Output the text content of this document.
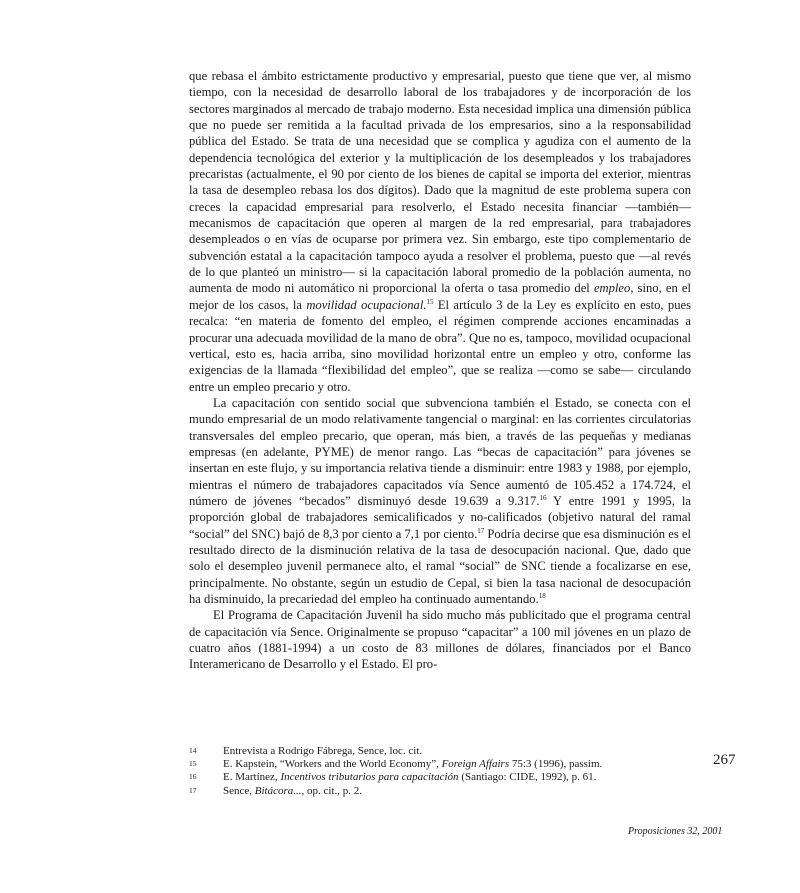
que rebasa el ámbito estrictamente productivo y empresarial, puesto que tiene que ver, al mismo tiempo, con la necesidad de desarrollo laboral de los trabajadores y de incorporación de los sectores marginados al mercado de trabajo moderno. Esta necesidad implica una dimensión pública que no puede ser remitida a la facultad privada de los empresarios, sino a la responsabilidad pública del Estado. Se trata de una necesidad que se complica y agudiza con el aumento de la dependencia tecnológica del exterior y la multiplicación de los desempleados y los trabajadores precaristas (actualmente, el 90 por ciento de los bienes de capital se importa del exterior, mientras la tasa de desempleo rebasa los dos dígitos). Dado que la magnitud de este problema supera con creces la capacidad empresarial para resolverlo, el Estado necesita financiar —también— mecanismos de capacitación que operen al margen de la red empresarial, para trabajadores desempleados o en vías de ocuparse por primera vez. Sin embargo, este tipo complementario de subvención estatal a la capacitación tampoco ayuda a resolver el problema, puesto que —al revés de lo que planteó un ministro— si la capacitación laboral promedio de la población aumenta, no aumenta de modo ni automático ni proporcional la oferta o tasa promedio del empleo, sino, en el mejor de los casos, la movilidad ocupacional.$^{15}$ El artículo 3 de la Ley es explícito en esto, pues recalca: “en materia de fomento del empleo, el régimen comprende acciones encaminadas a procurar una adecuada movilidad de la mano de obra”. Que no es, tampoco, movilidad ocupacional vertical, esto es, hacia arriba, sino movilidad horizontal entre un empleo y otro, conforme las exigencias de la llamada “flexibilidad del empleo”, que se realiza —como se sabe— circulando entre un empleo precario y otro.

La capacitación con sentido social que subvenciona también el Estado, se conecta con el mundo empresarial de un modo relativamente tangencial o marginal: en las corrientes circulatorias transversales del empleo precario, que operan, más bien, a través de las pequeñas y medianas empresas (en adelante, PYME) de menor rango. Las “becas de capacitación” para jóvenes se insertan en este flujo, y su importancia relativa tiende a disminuir: entre 1983 y 1988, por ejemplo, mientras el número de trabajadores capacitados vía Sence aumentó de 105.452 a 174.724, el número de jóvenes “becados” disminuyó desde 19.639 a 9.317.16 Y entre 1991 y 1995, la proporción global de trabajadores semicalificados y no-calificados (objetivo natural del ramal “social” del SNC) bajó de 8,3 por ciento a 7,1 por ciento.$^{17}$ Podría decirse que esa disminución es el resultado directo de la disminución relativa de la tasa de desocupación nacional. Que, dado que solo el desempleo juvenil permanece alto, el ramal “social” de SNC tiende a focalizarse en ese, principalmente. No obstante, según un estudio de Cepal, si bien la tasa nacional de desocupación ha disminuido, la precariedad del empleo ha continuado aumentando.$^{18}$

El Programa de Capacitación Juvenil ha sido mucho más publicitado que el programa central de capacitación vía Sence. Originalmente se propuso “capacitar” a 100 mil jóvenes en un plazo de cuatro años (1881-1994) a un costo de 83 millones de dólares, financiados por el Banco Interamericano de Desarrollo y el Estado. El pro-

14	Entrevista a Rodrigo Fábrega, Sence, loc. cit.
15	E. Kapstein, “Workers and the World Economy”, Foreign Affairs 75:3 (1996), passim.
16	E. Martínez, Incentivos tributarios para capacitación (Santiago: CIDE, 1992), p. 61.
17	Sence, Bitácora..., op. cit., p. 2.
267
Proposiciones 32, 2001
